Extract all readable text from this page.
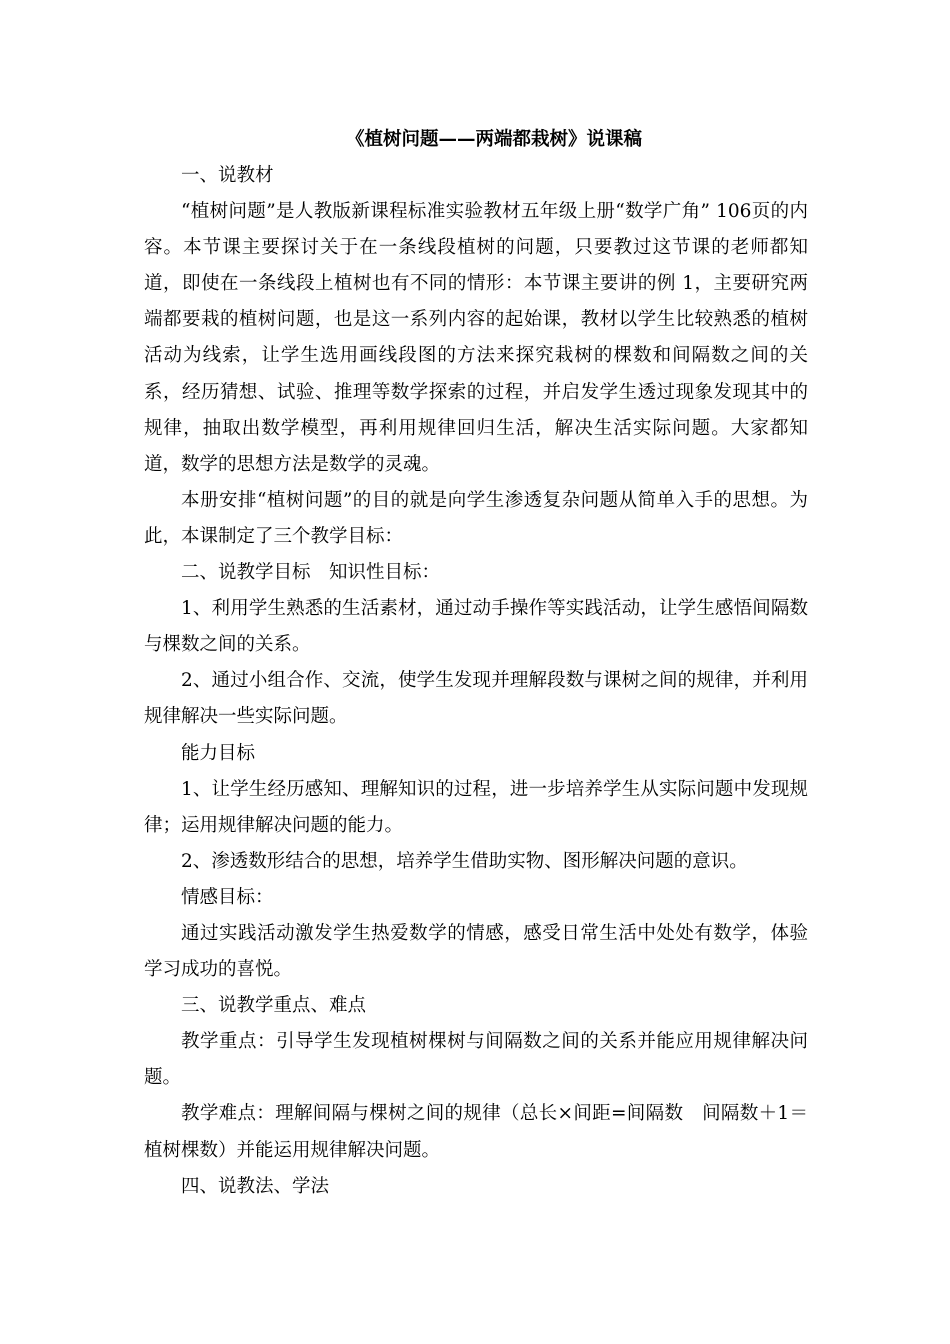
《植树问题——两端都栽树》说课稿

一、说教材

“植树问题”是人教版新课程标准实验教材五年级上册“数学广角” 106页的内容。本节课主要探讨关于在一条线段植树的问题，只要教过这节课的老师都知道，即使在一条线段上植树也有不同的情形：本节课主要讲的例 1，主要研究两端都要栽的植树问题，也是这一系列内容的起始课，教材以学生比较熟悉的植树活动为线索，让学生选用画线段图的方法来探究栽树的棵数和间隔数之间的关系，经历猜想、试验、推理等数学探索的过程，并启发学生透过现象发现其中的规律，抽取出数学模型，再利用规律回归生活，解决生活实际问题。大家都知道，数学的思想方法是数学的灵魂。

本册安排“植树问题”的目的就是向学生渗透复杂问题从简单入手的思想。为此，本课制定了三个教学目标：

二、说教学目标　知识性目标：

1、利用学生熟悉的生活素材，通过动手操作等实践活动，让学生感悟间隔数与棵数之间的关系。

2、通过小组合作、交流，使学生发现并理解段数与课树之间的规律，并利用规律解决一些实际问题。

能力目标

1、让学生经历感知、理解知识的过程，进一步培养学生从实际问题中发现规律；运用规律解决问题的能力。

2、渗透数形结合的思想，培养学生借助实物、图形解决问题的意识。

情感目标：

通过实践活动激发学生热爱数学的情感，感受日常生活中处处有数学，体验学习成功的喜悦。

三、说教学重点、难点

教学重点：引导学生发现植树棵树与间隔数之间的关系并能应用规律解决问题。

教学难点：理解间隔与棵树之间的规律（总长×间距=间隔数　间隔数＋1＝植树棵数）并能运用规律解决问题。

四、说教法、学法
